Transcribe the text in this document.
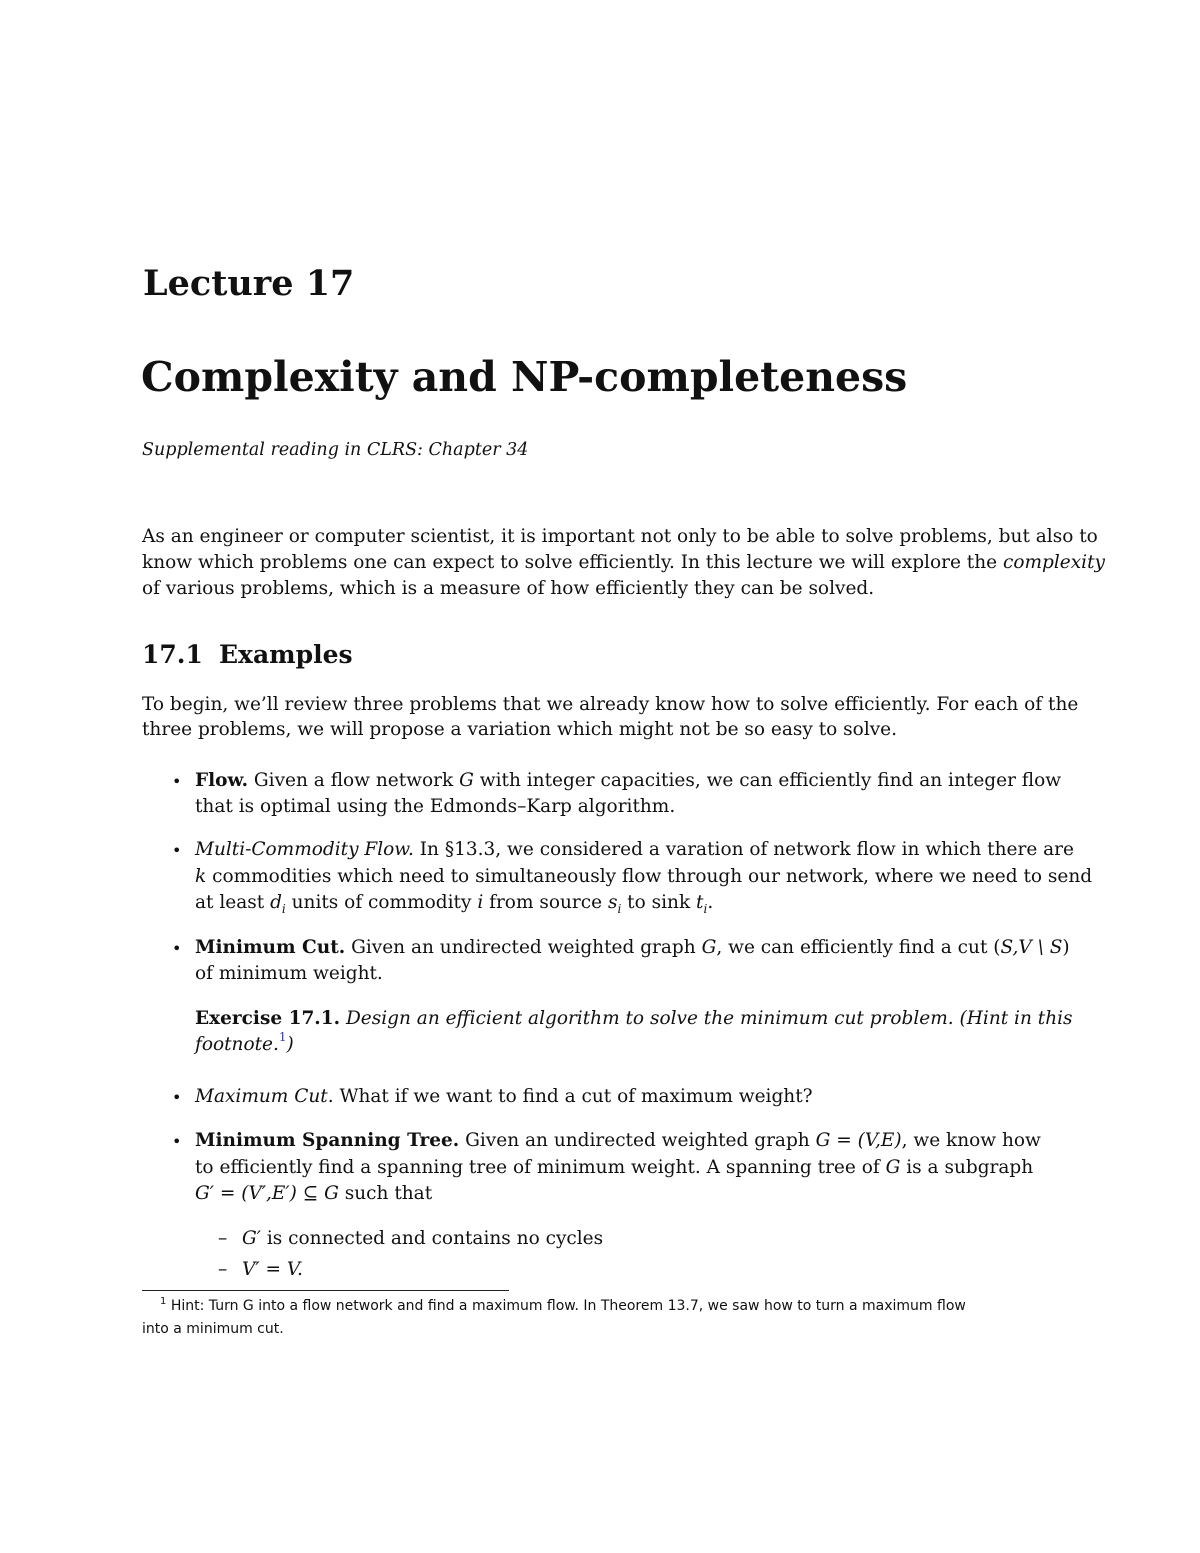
Lecture 17
Complexity and NP-completeness
Supplemental reading in CLRS: Chapter 34
As an engineer or computer scientist, it is important not only to be able to solve problems, but also to
know which problems one can expect to solve efficiently. In this lecture we will explore the complexity
of various problems, which is a measure of how efficiently they can be solved.
17.1 Examples
To begin, we’ll review three problems that we already know how to solve efficiently. For each of the
three problems, we will propose a variation which might not be so easy to solve.
• Flow. Given a flow network G with integer capacities, we can efficiently find an integer flow
that is optimal using the Edmonds–Karp algorithm.
• Multi-Commodity Flow. In §13.3, we considered a varation of network flow in which there are
k commodities which need to simultaneously flow through our network, where we need to send
at least $d_i$ units of commodity i from source $s_i$ to sink $t_i$.
• Minimum Cut. Given an undirected weighted graph G, we can efficiently find a cut (S,V \ S)
of minimum weight.
Exercise 17.1. Design an efficient algorithm to solve the minimum cut problem. (Hint in this
footnote.$^1$)
• Maximum Cut. What if we want to find a cut of maximum weight?
• Minimum Spanning Tree. Given an undirected weighted graph G = (V,E), we know how
to efficiently find a spanning tree of minimum weight. A spanning tree of G is a subgraph
G′ = (V′,E′) ⊆ G such that
– G′ is connected and contains no cycles
– V′ = V.
$^1$ Hint: Turn G into a flow network and find a maximum flow. In Theorem 13.7, we saw how to turn a maximum flow
into a minimum cut.
